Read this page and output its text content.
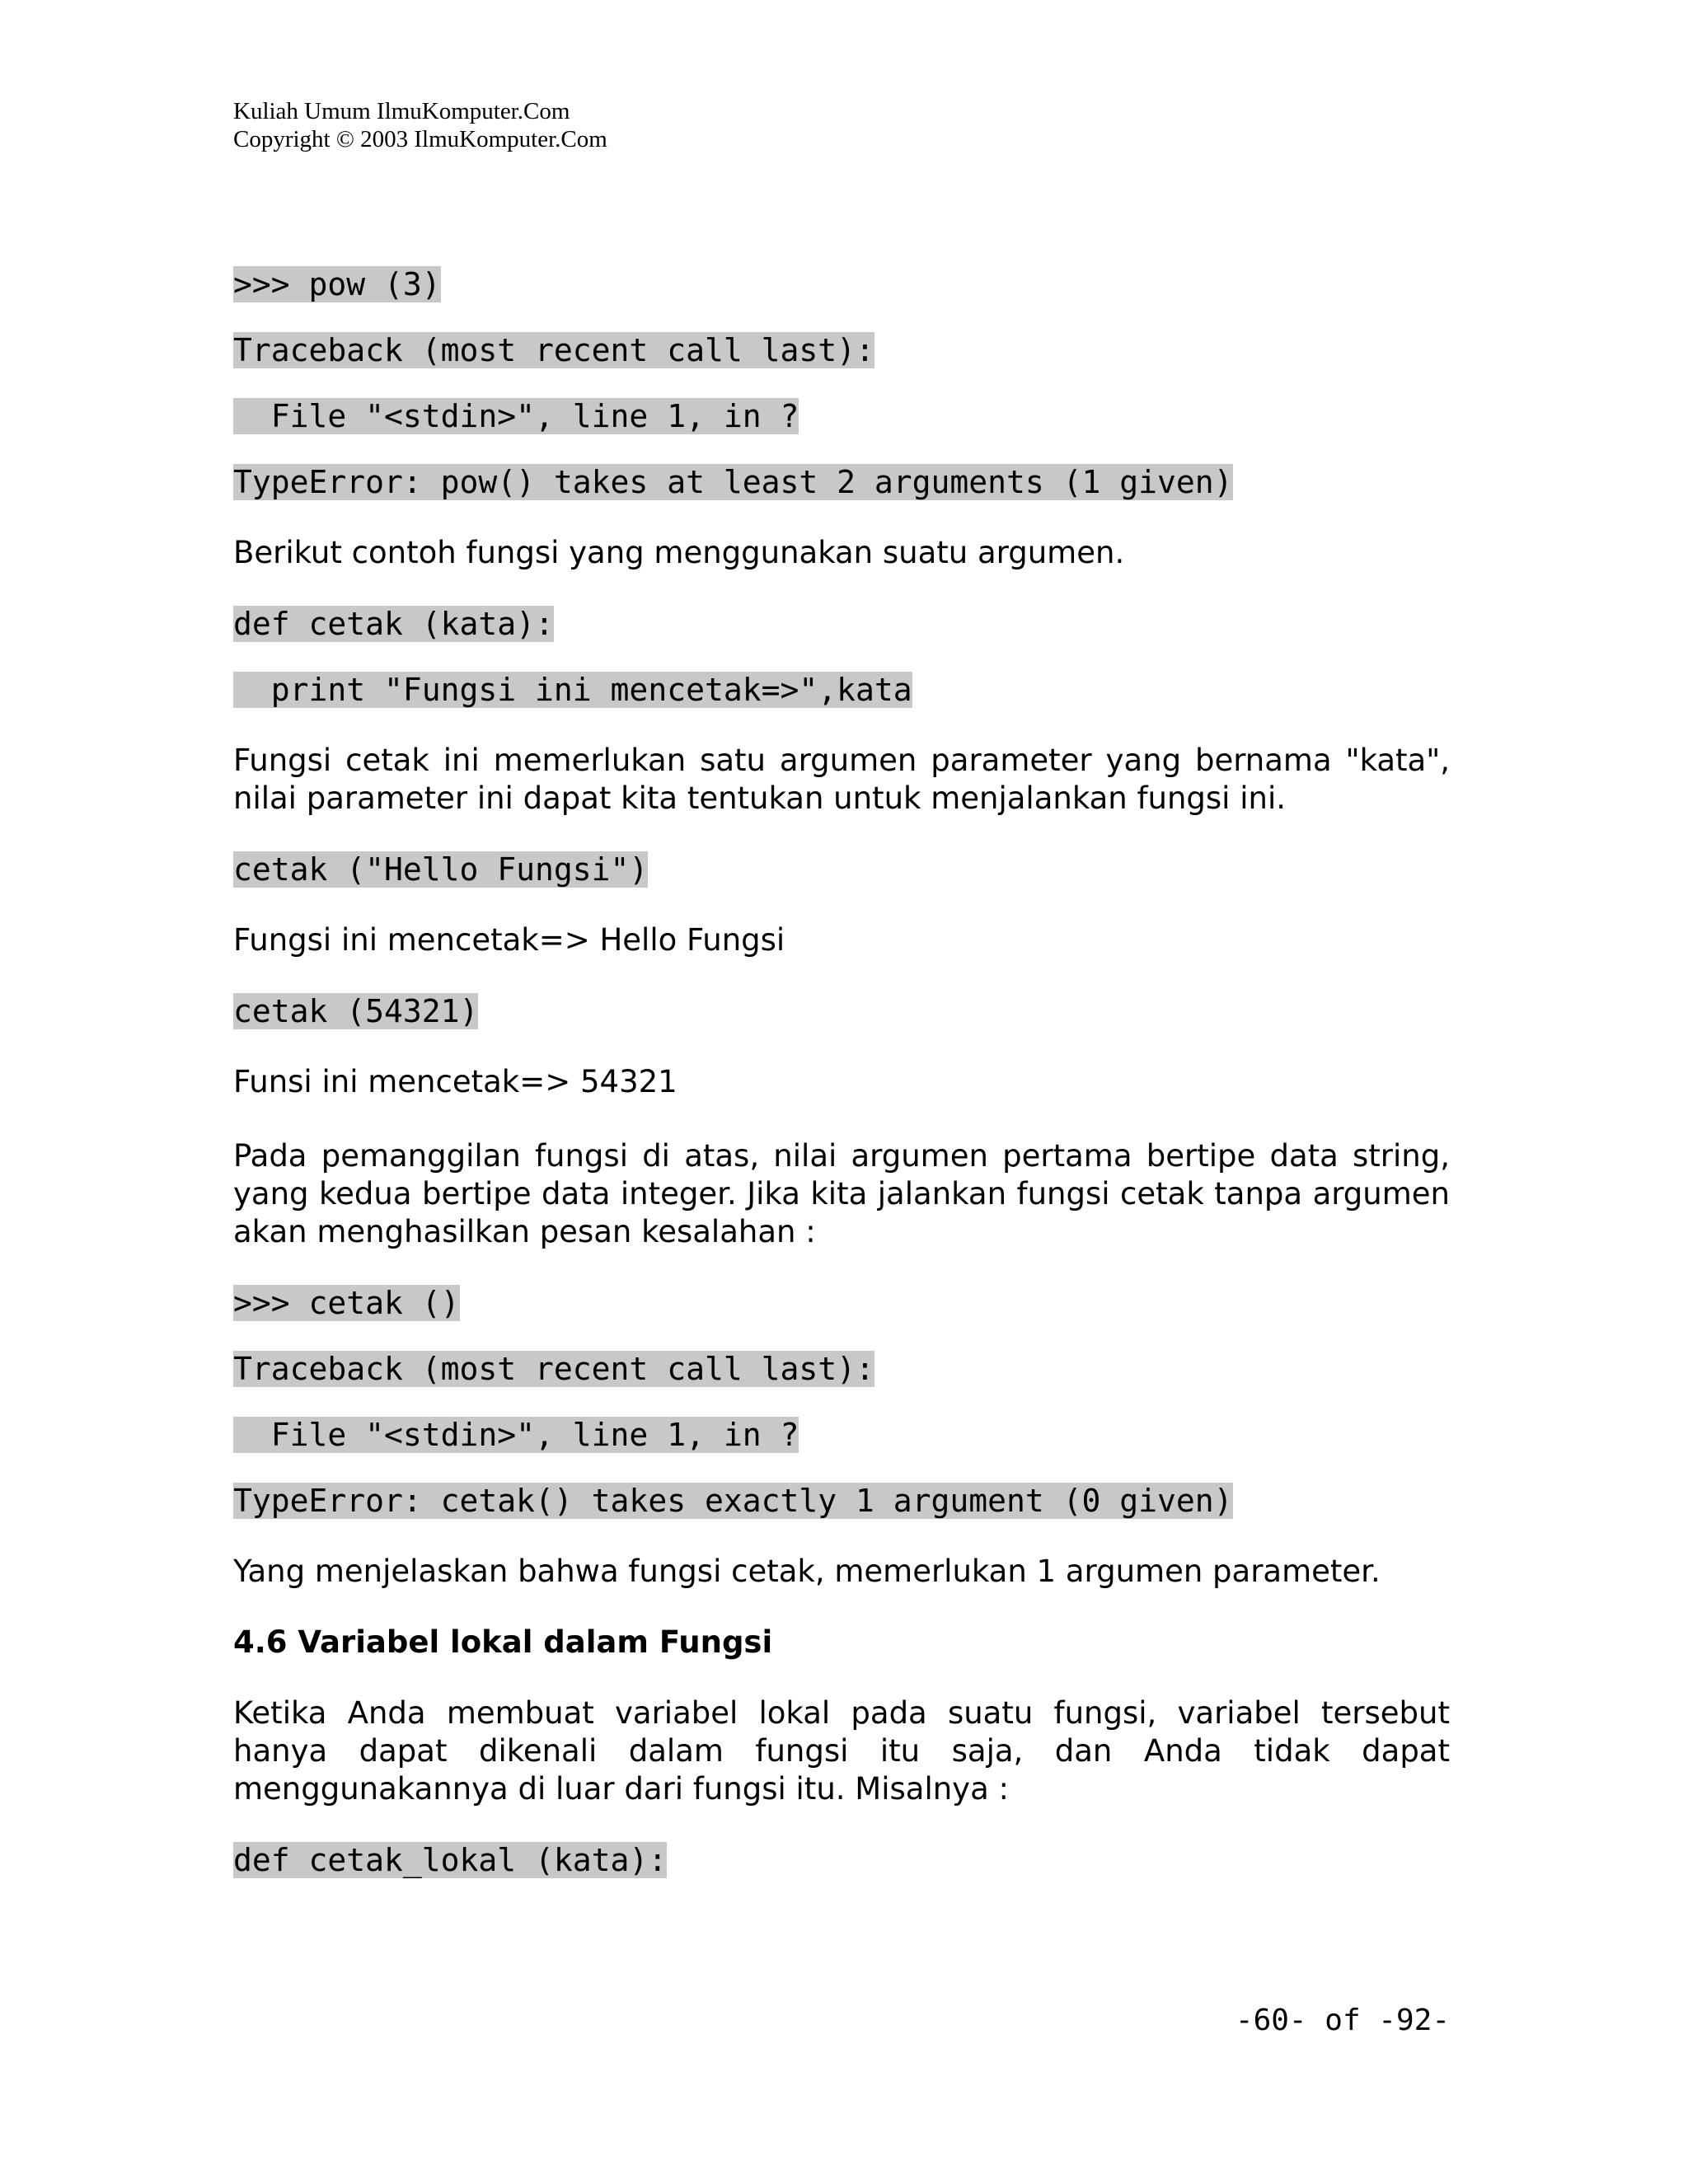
Kuliah Umum IlmuKomputer.Com
Copyright © 2003 IlmuKomputer.Com
>>> pow (3)
Traceback (most recent call last):
File "<stdin>", line 1, in ?
TypeError: pow() takes at least 2 arguments (1 given)

Berikut contoh fungsi yang menggunakan suatu argumen.

def cetak (kata):
print "Fungsi ini mencetak=>",kata

Fungsi cetak ini memerlukan satu argumen parameter yang bernama "kata", nilai parameter ini dapat kita tentukan untuk menjalankan fungsi ini.

cetak ("Hello Fungsi")

Fungsi ini mencetak=> Hello Fungsi

cetak (54321)

Funsi ini mencetak=> 54321

Pada pemanggilan fungsi di atas, nilai argumen pertama bertipe data string, yang kedua bertipe data integer. Jika kita jalankan fungsi cetak tanpa argumen akan menghasilkan pesan kesalahan :

>>> cetak ()
Traceback (most recent call last):
File "<stdin>", line 1, in ?
TypeError: cetak() takes exactly 1 argument (0 given)

Yang menjelaskan bahwa fungsi cetak, memerlukan 1 argumen parameter.

4.6 Variabel lokal dalam Fungsi

Ketika Anda membuat variabel lokal pada suatu fungsi, variabel tersebut hanya dapat dikenali dalam fungsi itu saja, dan Anda tidak dapat menggunakannya di luar dari fungsi itu. Misalnya :

def cetak_lokal (kata):
-60- of -92-
